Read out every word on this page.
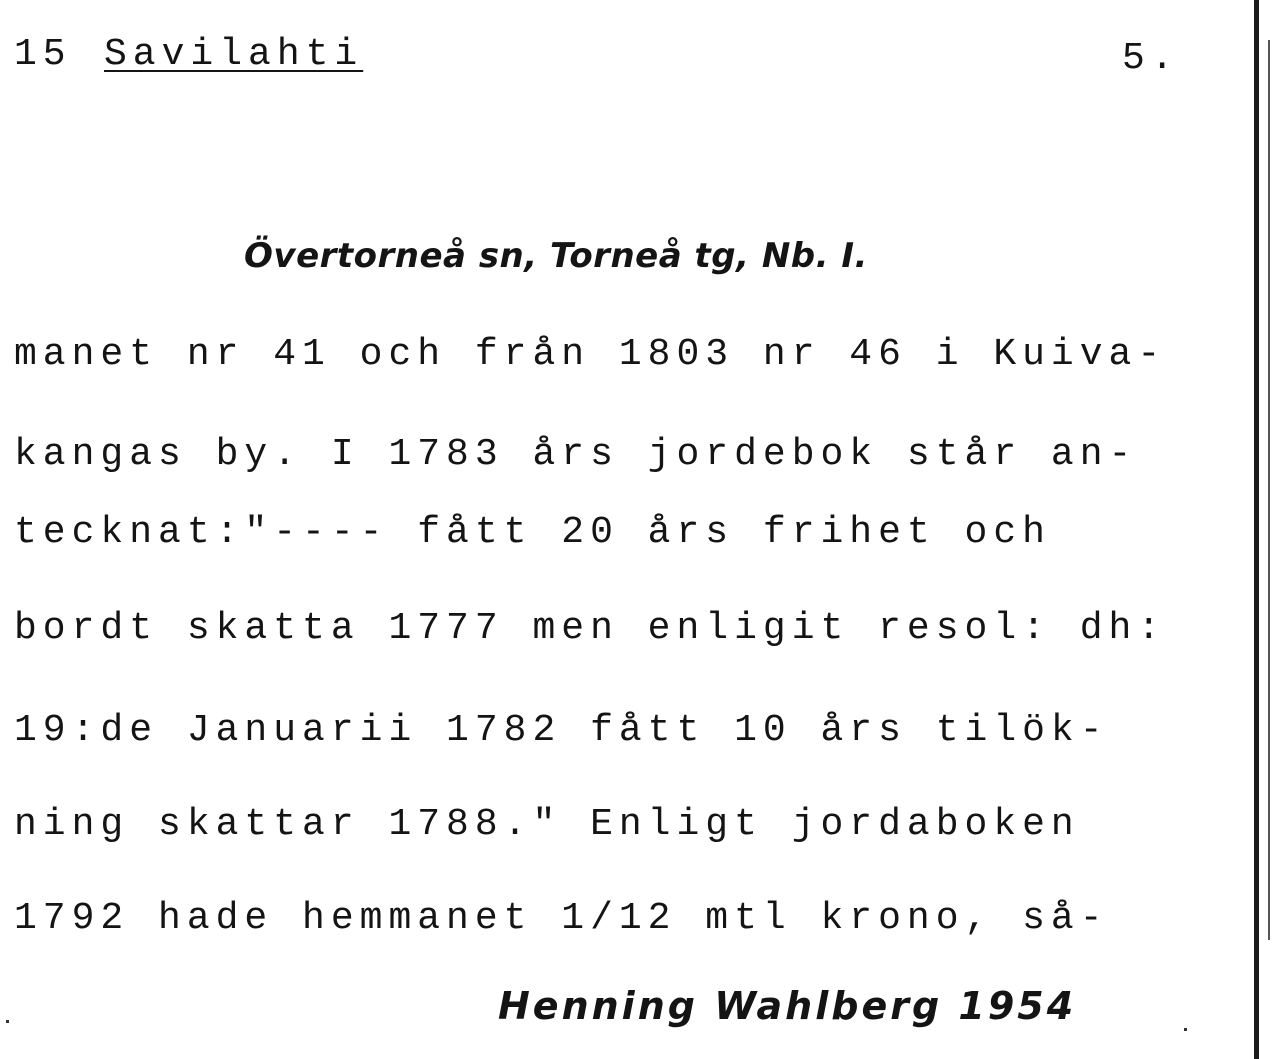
15 Savilahti	5.
Övertorneå sn, Torneå tg, Nb. I.
manet nr 41 och från 1803 nr 46 i Kuiva-
kangas by. I 1783 års jordebok står an-
tecknat:"---- fått 20 års frihet och
bordt skatta 1777 men enligit resol: dh:
19:de Januarii 1782 fått 10 års tilök-
ning skattar 1788." Enligt jordaboken
1792 hade hemmanet 1/12 mtl krono, så-
Henning Wahlberg 1954
